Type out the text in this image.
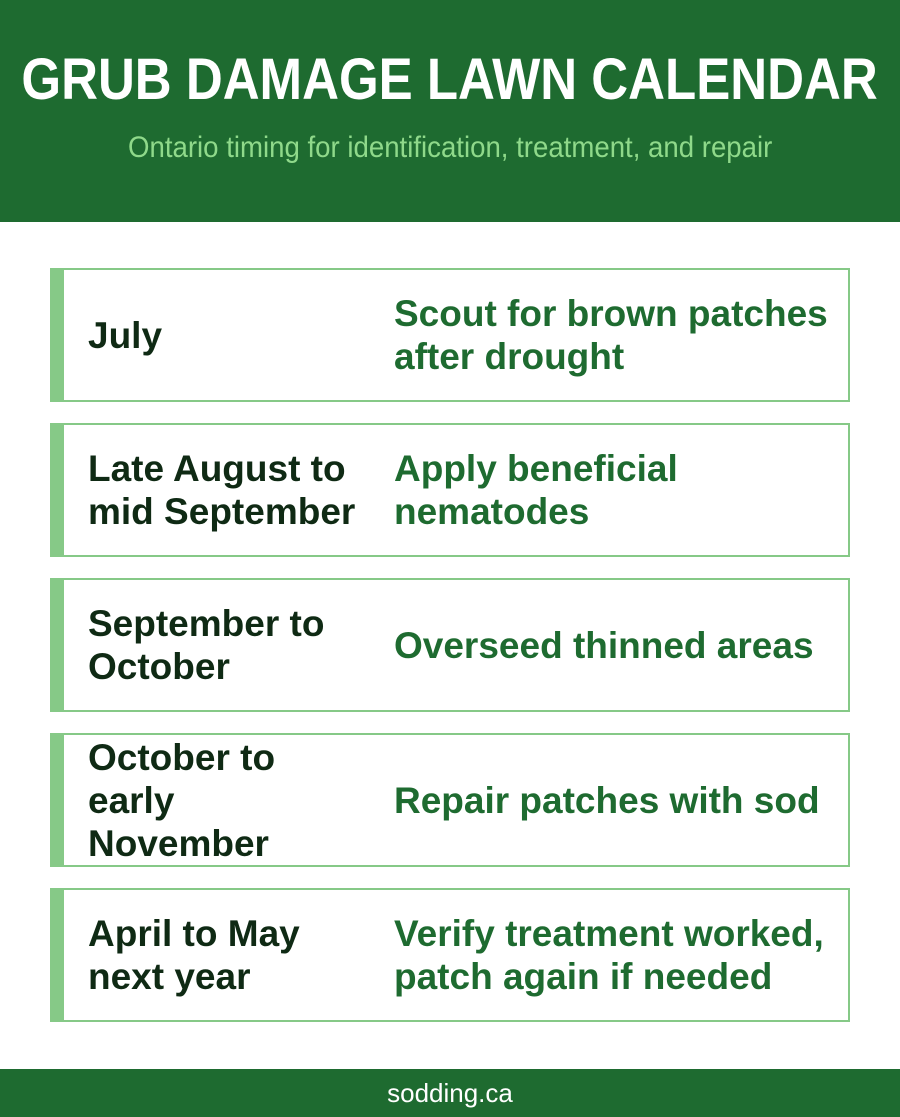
GRUB DAMAGE LAWN CALENDAR
Ontario timing for identification, treatment, and repair
July
Scout for brown patches after drought
Late August to mid September
Apply beneficial nematodes
September to October
Overseed thinned areas
October to early November
Repair patches with sod
April to May next year
Verify treatment worked, patch again if needed
sodding.ca
